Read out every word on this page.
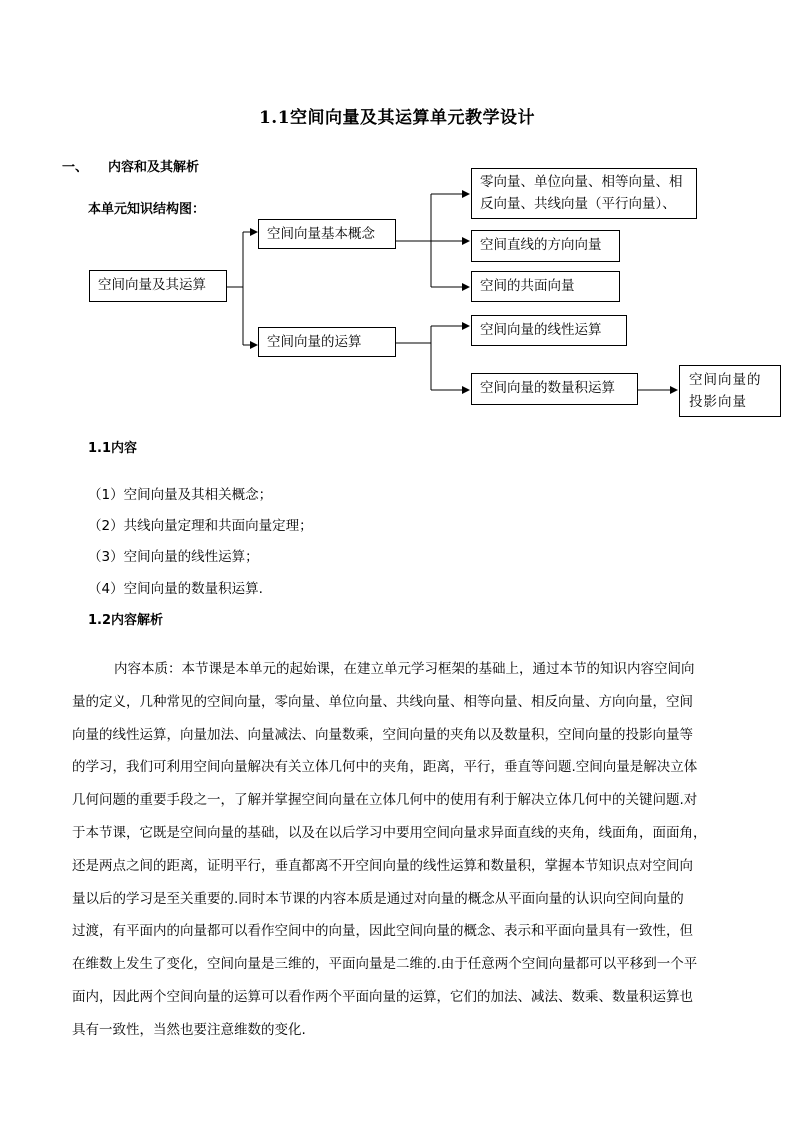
1.1空间向量及其运算单元教学设计
一、 内容和及其解析
本单元知识结构图：
空间向量及其运算
空间向量基本概念
空间向量的运算
零向量、单位向量、相等向量、相反向量、共线向量（平行向量）、
空间直线的方向向量
空间的共面向量
空间向量的线性运算
空间向量的数量积运算	空间向量的投影向量
1.1内容
（1）空间向量及其相关概念；
（2）共线向量定理和共面向量定理；
（3）空间向量的线性运算；
（4）空间向量的数量积运算.
1.2内容解析
内容本质：本节课是本单元的起始课，在建立单元学习框架的基础上，通过本节的知识内容空间向
量的定义，几种常见的空间向量，零向量、单位向量、共线向量、相等向量、相反向量、方向向量，空间
向量的线性运算，向量加法、向量减法、向量数乘，空间向量的夹角以及数量积，空间向量的投影向量等
的学习，我们可利用空间向量解决有关立体几何中的夹角，距离，平行，垂直等问题.空间向量是解决立体
几何问题的重要手段之一，了解并掌握空间向量在立体几何中的使用有利于解决立体几何中的关键问题.对
于本节课，它既是空间向量的基础，以及在以后学习中要用空间向量求异面直线的夹角，线面角，面面角，
还是两点之间的距离，证明平行，垂直都离不开空间向量的线性运算和数量积，掌握本节知识点对空间向
量以后的学习是至关重要的.同时本节课的内容本质是通过对向量的概念从平面向量的认识向空间向量的
过渡，有平面内的向量都可以看作空间中的向量，因此空间向量的概念、表示和平面向量具有一致性，但
在维数上发生了变化，空间向量是三维的，平面向量是二维的.由于任意两个空间向量都可以平移到一个平
面内，因此两个空间向量的运算可以看作两个平面向量的运算，它们的加法、减法、数乘、数量积运算也
具有一致性，当然也要注意维数的变化.
